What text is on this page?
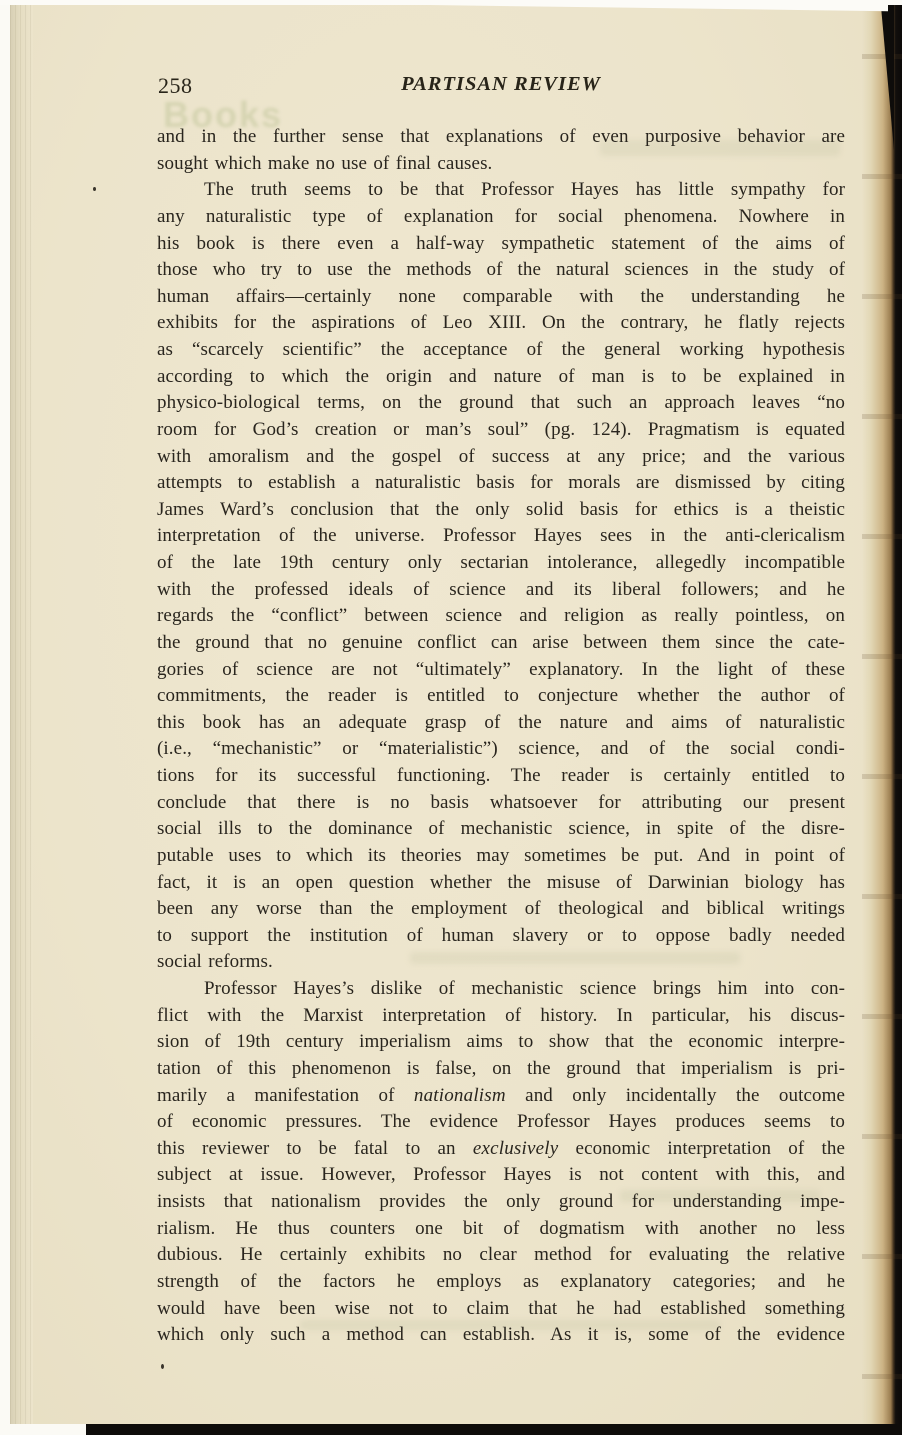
Books
258	PARTISAN REVIEW
and in the further sense that explanations of even purposive behavior are
sought which make no use of final causes.
The truth seems to be that Professor Hayes has little sympathy for
any naturalistic type of explanation for social phenomena. Nowhere in
his book is there even a half-way sympathetic statement of the aims of
those who try to use the methods of the natural sciences in the study of
human affairs—certainly none comparable with the understanding he
exhibits for the aspirations of Leo XIII. On the contrary, he flatly rejects
as “scarcely scientific” the acceptance of the general working hypothesis
according to which the origin and nature of man is to be explained in
physico-biological terms, on the ground that such an approach leaves “no
room for God’s creation or man’s soul” (pg. 124). Pragmatism is equated
with amoralism and the gospel of success at any price; and the various
attempts to establish a naturalistic basis for morals are dismissed by citing
James Ward’s conclusion that the only solid basis for ethics is a theistic
interpretation of the universe. Professor Hayes sees in the anti-clericalism
of the late 19th century only sectarian intolerance, allegedly incompatible
with the professed ideals of science and its liberal followers; and he
regards the “conflict” between science and religion as really pointless, on
the ground that no genuine conflict can arise between them since the cate-
gories of science are not “ultimately” explanatory. In the light of these
commitments, the reader is entitled to conjecture whether the author of
this book has an adequate grasp of the nature and aims of naturalistic
(i.e., “mechanistic” or “materialistic”) science, and of the social condi-
tions for its successful functioning. The reader is certainly entitled to
conclude that there is no basis whatsoever for attributing our present
social ills to the dominance of mechanistic science, in spite of the disre-
putable uses to which its theories may sometimes be put. And in point of
fact, it is an open question whether the misuse of Darwinian biology has
been any worse than the employment of theological and biblical writings
to support the institution of human slavery or to oppose badly needed
social reforms.
Professor Hayes’s dislike of mechanistic science brings him into con-
flict with the Marxist interpretation of history. In particular, his discus-
sion of 19th century imperialism aims to show that the economic interpre-
tation of this phenomenon is false, on the ground that imperialism is pri-
marily a manifestation of nationalism and only incidentally the outcome
of economic pressures. The evidence Professor Hayes produces seems to
this reviewer to be fatal to an exclusively economic interpretation of the
subject at issue. However, Professor Hayes is not content with this, and
insists that nationalism provides the only ground for understanding impe-
rialism. He thus counters one bit of dogmatism with another no less
dubious. He certainly exhibits no clear method for evaluating the relative
strength of the factors he employs as explanatory categories; and he
would have been wise not to claim that he had established something
which only such a method can establish. As it is, some of the evidence
